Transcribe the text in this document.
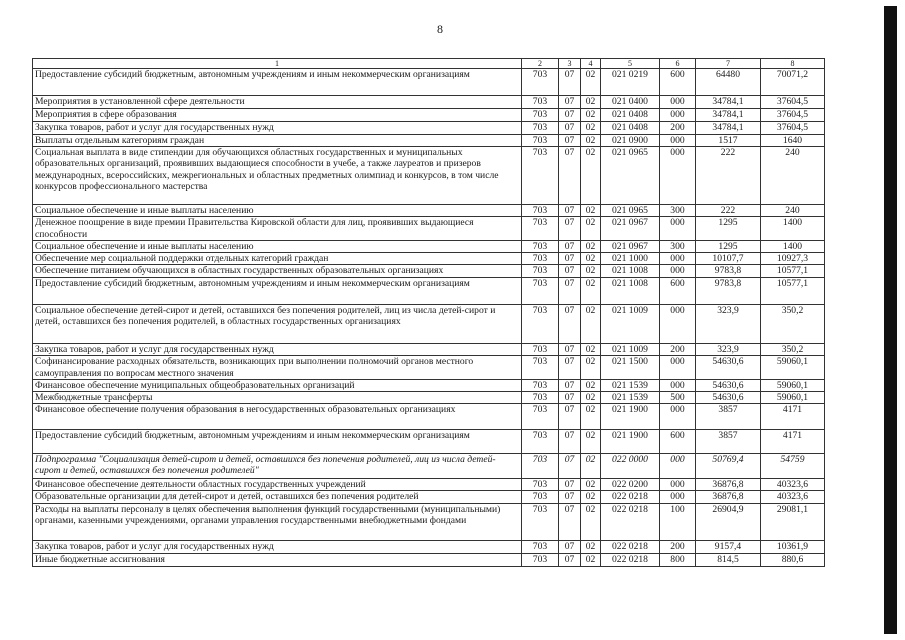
8
1	2	3	4	5	6	7	8
Предоставление субсидий бюджетным, автономным учреждениям и иным некоммерческим организациям	703	07	02	021 0219	600	64480	70071,2
Мероприятия в установленной сфере деятельности	703	07	02	021 0400	000	34784,1	37604,5
Мероприятия в сфере образования	703	07	02	021 0408	000	34784,1	37604,5
Закупка товаров, работ и услуг для государственных нужд	703	07	02	021 0408	200	34784,1	37604,5
Выплаты отдельным категориям граждан	703	07	02	021 0900	000	1517	1640
Социальная выплата в виде стипендии для обучающихся областных государственных и муниципальных образовательных организаций, проявивших выдающиеся способности в учебе, а также лауреатов и призеров международных, всероссийских, межрегиональных и областных предметных олимпиад и конкурсов, в том числе конкурсов профессионального мастерства	703	07	02	021 0965	000	222	240
Социальное обеспечение и иные выплаты населению	703	07	02	021 0965	300	222	240
Денежное поощрение в виде премии Правительства Кировской области для лиц, проявивших выдающиеся способности	703	07	02	021 0967	000	1295	1400
Социальное обеспечение и иные выплаты населению	703	07	02	021 0967	300	1295	1400
Обеспечение мер социальной поддержки отдельных категорий граждан	703	07	02	021 1000	000	10107,7	10927,3
Обеспечение питанием обучающихся в областных государственных образовательных организациях	703	07	02	021 1008	000	9783,8	10577,1
Предоставление субсидий бюджетным, автономным учреждениям и иным некоммерческим организациям	703	07	02	021 1008	600	9783,8	10577,1
Социальное обеспечение детей-сирот и детей, оставшихся без попечения родителей, лиц из числа детей-сирот и детей, оставшихся без попечения родителей, в областных государственных организациях	703	07	02	021 1009	000	323,9	350,2
Закупка товаров, работ и услуг для государственных нужд	703	07	02	021 1009	200	323,9	350,2
Софинансирование расходных обязательств, возникающих при выполнении полномочий органов местного самоуправления по вопросам местного значения	703	07	02	021 1500	000	54630,6	59060,1
Финансовое обеспечение муниципальных общеобразовательных организаций	703	07	02	021 1539	000	54630,6	59060,1
Межбюджетные трансферты	703	07	02	021 1539	500	54630,6	59060,1
Финансовое обеспечение получения образования в негосударственных образовательных организациях	703	07	02	021 1900	000	3857	4171
Предоставление субсидий бюджетным, автономным учреждениям и иным некоммерческим организациям	703	07	02	021 1900	600	3857	4171
Подпрограмма "Социализация детей-сирот и детей, оставшихся без попечения родителей, лиц из числа детей-сирот и детей, оставшихся без попечения родителей"	703	07	02	022 0000	000	50769,4	54759
Финансовое обеспечение деятельности областных государственных учреждений	703	07	02	022 0200	000	36876,8	40323,6
Образовательные организации для детей-сирот и детей, оставшихся без попечения родителей	703	07	02	022 0218	000	36876,8	40323,6
Расходы на выплаты персоналу в целях обеспечения выполнения функций государственными (муниципальными) органами, казенными учреждениями, органами управления государственными внебюджетными фондами	703	07	02	022 0218	100	26904,9	29081,1
Закупка товаров, работ и услуг для государственных нужд	703	07	02	022 0218	200	9157,4	10361,9
Иные бюджетные ассигнования	703	07	02	022 0218	800	814,5	880,6
